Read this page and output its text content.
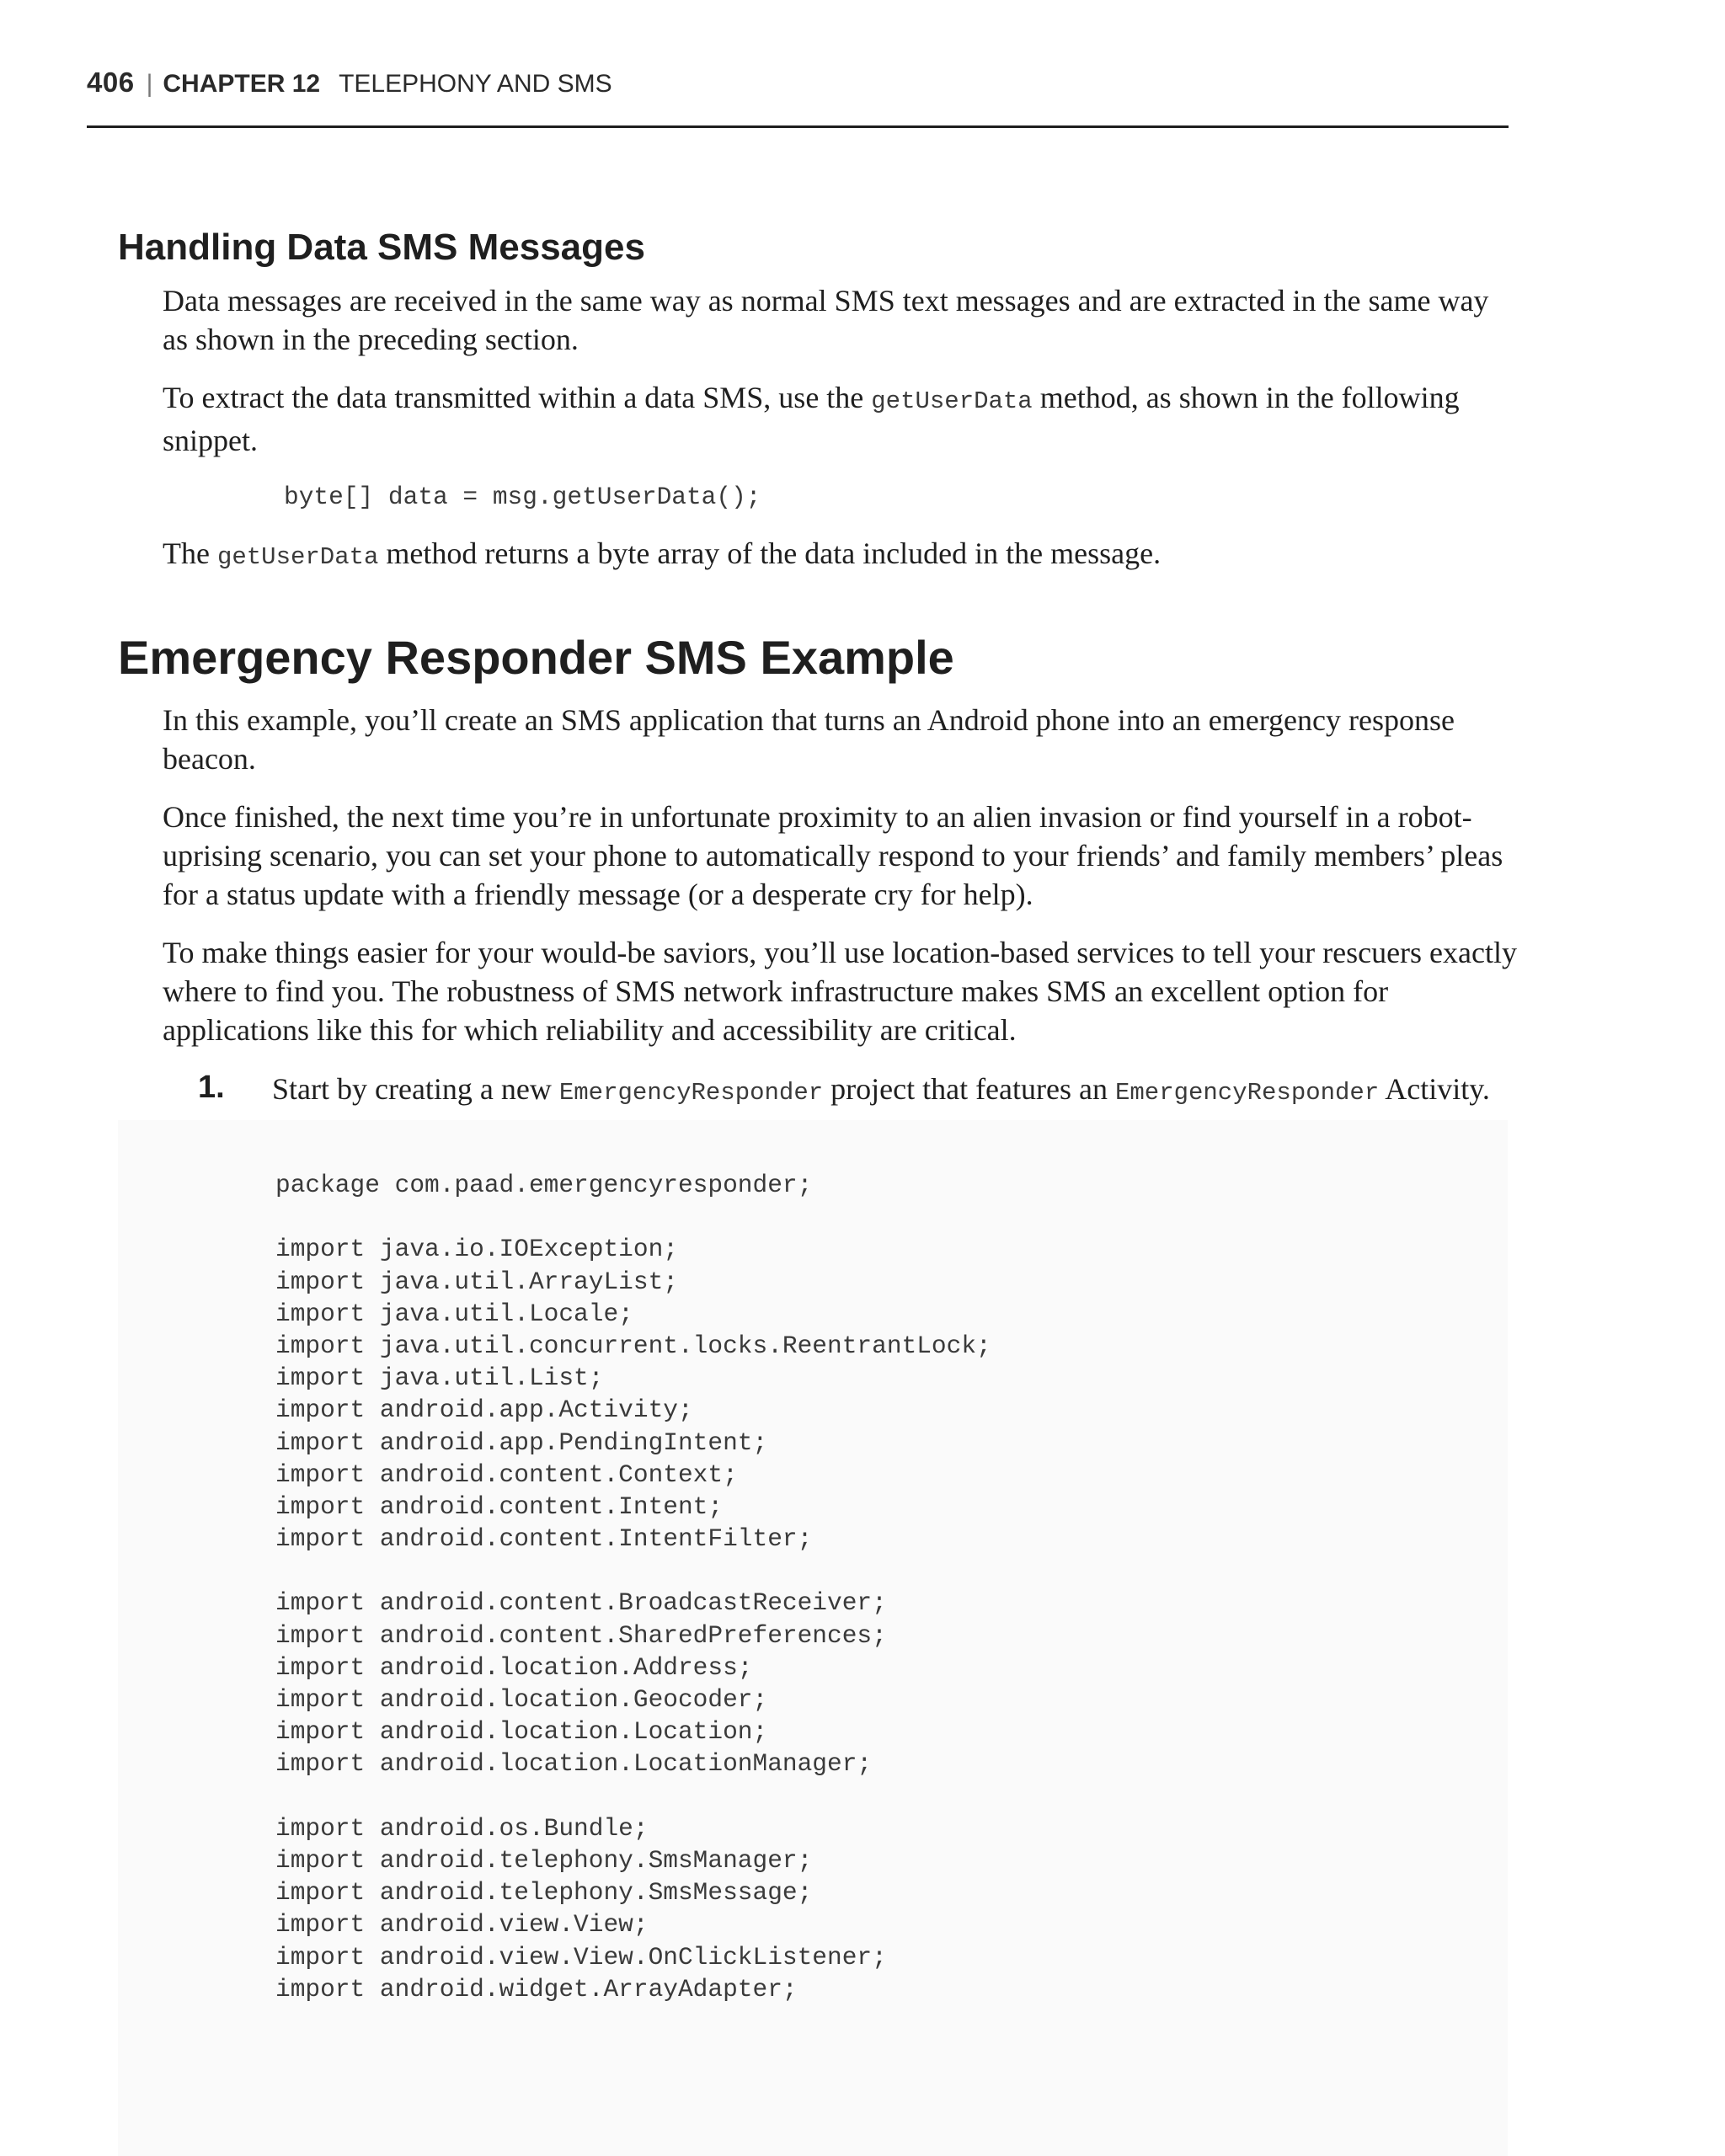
406 | CHAPTER 12 TELEPHONY AND SMS
Handling Data SMS Messages

Data messages are received in the same way as normal SMS text messages and are extracted in the same way as shown in the preceding section.

To extract the data transmitted within a data SMS, use the getUserData method, as shown in the following snippet.

byte[] data = msg.getUserData();

The getUserData method returns a byte array of the data included in the message.

Emergency Responder SMS Example

In this example, you’ll create an SMS application that turns an Android phone into an emergency response beacon.

Once finished, the next time you’re in unfortunate proximity to an alien invasion or find yourself in a robot-uprising scenario, you can set your phone to automatically respond to your friends’ and family members’ pleas for a status update with a friendly message (or a desperate cry for help).

To make things easier for your would-be saviors, you’ll use location-based services to tell your rescuers exactly where to find you. The robustness of SMS network infrastructure makes SMS an excellent option for applications like this for which reliability and accessibility are critical.

1. Start by creating a new EmergencyResponder project that features an EmergencyResponder Activity.

package com.paad.emergencyresponder;
import java.io.IOException;
import java.util.ArrayList;
import java.util.Locale;
import java.util.concurrent.locks.ReentrantLock;
import java.util.List;
import android.app.Activity;
import android.app.PendingIntent;
import android.content.Context;
import android.content.Intent;
import android.content.IntentFilter;
import android.content.BroadcastReceiver;
import android.content.SharedPreferences;
import android.location.Address;
import android.location.Geocoder;
import android.location.Location;
import android.location.LocationManager;
import android.os.Bundle;
import android.telephony.SmsManager;
import android.telephony.SmsMessage;
import android.view.View;
import android.view.View.OnClickListener;
import android.widget.ArrayAdapter;
